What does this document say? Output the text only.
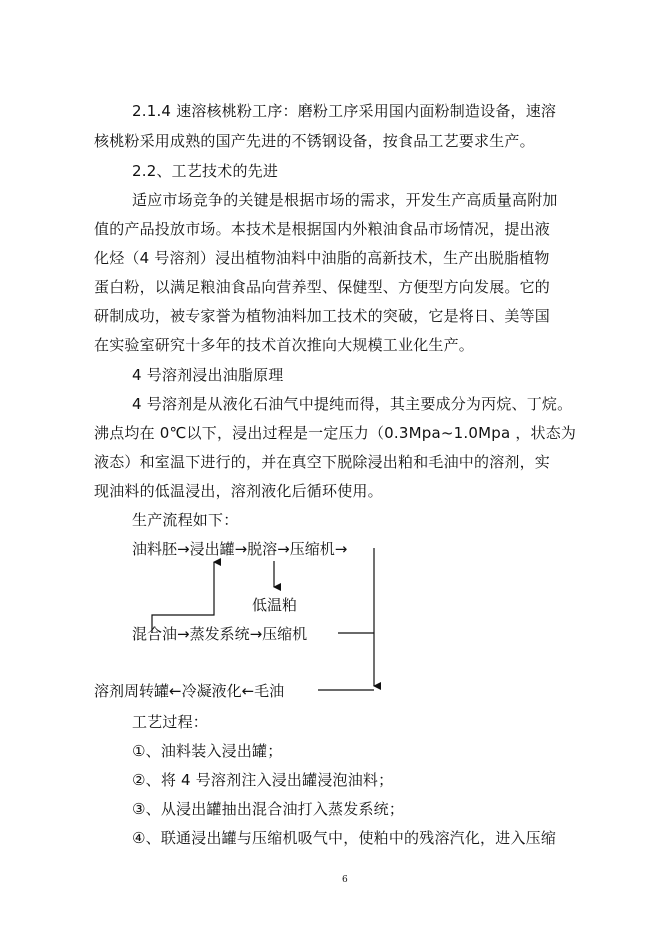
2.1.4 速溶核桃粉工序：磨粉工序采用国内面粉制造设备，速溶
核桃粉采用成熟的国产先进的不锈钢设备，按食品工艺要求生产。
2.2、工艺技术的先进
适应市场竞争的关键是根据市场的需求，开发生产高质量高附加
值的产品投放市场。本技术是根据国内外粮油食品市场情况，提出液
化烃（4 号溶剂）浸出植物油料中油脂的高新技术，生产出脱脂植物
蛋白粉，以满足粮油食品向营养型、保健型、方便型方向发展。它的
研制成功，被专家誉为植物油料加工技术的突破，它是将日、美等国
在实验室研究十多年的技术首次推向大规模工业化生产。
4 号溶剂浸出油脂原理
4 号溶剂是从液化石油气中提纯而得，其主要成分为丙烷、丁烷。
沸点均在 0℃以下，浸出过程是一定压力（0.3Mpa~1.0Mpa ，状态为
液态）和室温下进行的，并在真空下脱除浸出粕和毛油中的溶剂，实
现油料的低温浸出，溶剂液化后循环使用。
生产流程如下：
油料胚→浸出罐→脱溶→压缩机→
低温粕
混合油→蒸发系统→压缩机
溶剂周转罐←冷凝液化←毛油
工艺过程：
①、油料装入浸出罐；
②、将 4 号溶剂注入浸出罐浸泡油料；
③、从浸出罐抽出混合油打入蒸发系统；
④、联通浸出罐与压缩机吸气中，使粕中的残溶汽化，进入压缩
6
